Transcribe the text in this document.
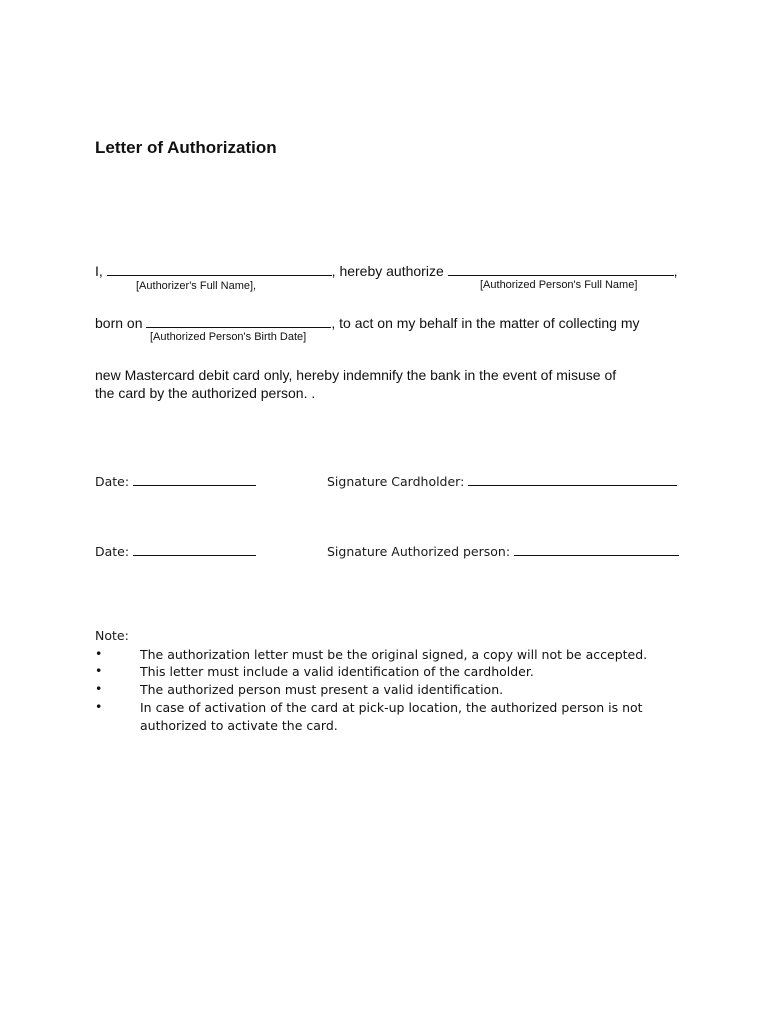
Letter of Authorization
I,	, hereby authorize	,
[Authorizer's Full Name],	[Authorized Person's Full Name]
born on	, to act on my behalf in the matter of collecting my
[Authorized Person's Birth Date]
new Mastercard debit card only, hereby indemnify the bank in the event of misuse of
the card by the authorized person. .
Date:	Signature Cardholder:
Date:	Signature Authorized person:
Note:
•	The authorization letter must be the original signed, a copy will not be accepted.
•	This letter must include a valid identification of the cardholder.
•	The authorized person must present a valid identification.
•	In case of activation of the card at pick-up location, the authorized person is not
authorized to activate the card.
